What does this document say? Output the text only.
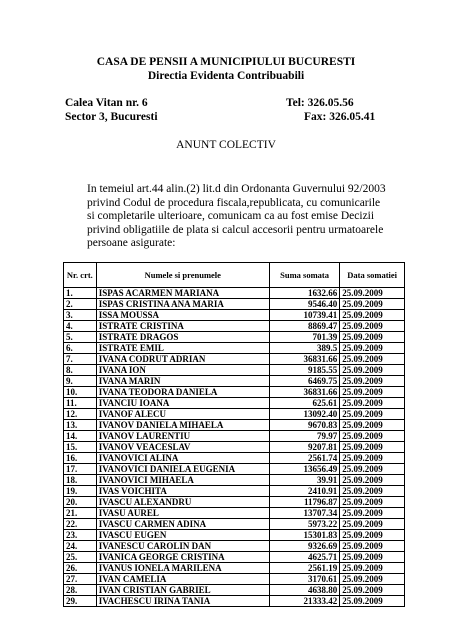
CASA DE PENSII A MUNICIPIULUI BUCURESTI
Directia Evidenta Contribuabili
Calea Vitan nr. 6	Tel: 326.05.56
Sector 3, Bucuresti	Fax: 326.05.41
ANUNT COLECTIV
In temeiul art.44 alin.(2) lit.d din Ordonanta Guvernului 92/2003 privind Codul de procedura fiscala,republicata, cu comunicarile si completarile ulterioare, comunicam ca au fost emise Decizii privind obligatiile de plata si calcul accesorii pentru urmatoarele persoane asigurate:
Nr. crt.	Numele si prenumele	Suma somata	Data somatiei
1.	ISPAS ACARMEN MARIANA	1632.66	25.09.2009
2.	ISPAS CRISTINA ANA MARIA	9546.40	25.09.2009
3.	ISSA MOUSSA	10739.41	25.09.2009
4.	ISTRATE CRISTINA	8869.47	25.09.2009
5.	ISTRATE DRAGOS	701.39	25.09.2009
6.	ISTRATE EMIL	389.5	25.09.2009
7.	IVANA CODRUT ADRIAN	36831.66	25.09.2009
8.	IVANA ION	9185.55	25.09.2009
9.	IVANA MARIN	6469.75	25.09.2009
10.	IVANA TEODORA DANIELA	36831.66	25.09.2009
11.	IVANCIU IOANA	625.61	25.09.2009
12.	IVANOF ALECU	13092.40	25.09.2009
13.	IVANOV DANIELA MIHAELA	9670.83	25.09.2009
14.	IVANOV LAURENTIU	79.97	25.09.2009
15.	IVANOV VEACESLAV	9207.81	25.09.2009
16.	IVANOVICI ALINA	2561.74	25.09.2009
17.	IVANOVICI DANIELA EUGENIA	13656.49	25.09.2009
18.	IVANOVICI MIHAELA	39.91	25.09.2009
19.	IVAS VOICHITA	2410.91	25.09.2009
20.	IVASCU ALEXANDRU	11796.87	25.09.2009
21.	IVASU AUREL	13707.34	25.09.2009
22.	IVASCU CARMEN ADINA	5973.22	25.09.2009
23.	IVASCU EUGEN	15301.83	25.09.2009
24.	IVANESCU CAROLIN DAN	9326.69	25.09.2009
25.	IVANICA GEORGE CRISTINA	4625.71	25.09.2009
26.	IVANUS IONELA MARILENA	2561.19	25.09.2009
27.	IVAN CAMELIA	3170.61	25.09.2009
28.	IVAN CRISTIAN GABRIEL	4638.80	25.09.2009
29.	IVACHESCU IRINA TANIA	21333.42	25.09.2009
